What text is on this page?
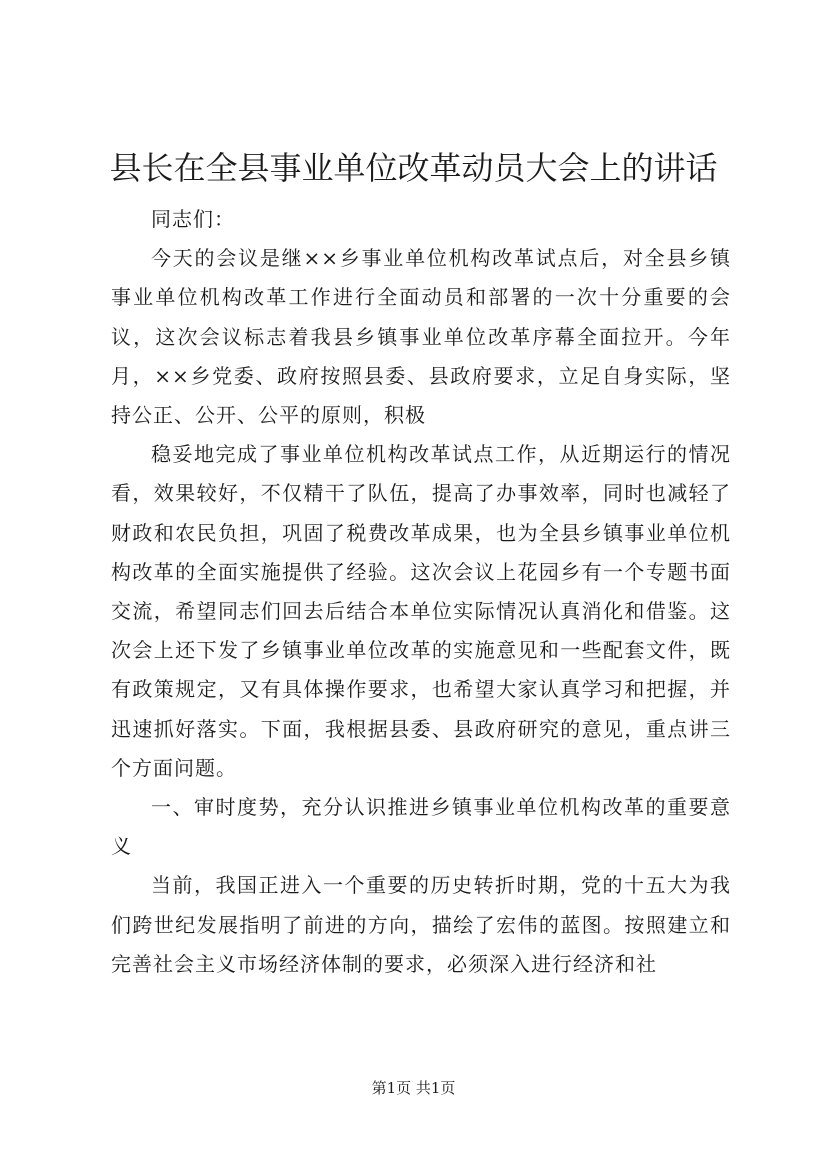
县长在全县事业单位改革动员大会上的讲话

同志们：

今天的会议是继××乡事业单位机构改革试点后，对全县乡镇事业单位机构改革工作进行全面动员和部署的一次十分重要的会议，这次会议标志着我县乡镇事业单位改革序幕全面拉开。今年月，××乡党委、政府按照县委、县政府要求，立足自身实际，坚持公正、公开、公平的原则，积极

稳妥地完成了事业单位机构改革试点工作，从近期运行的情况看，效果较好，不仅精干了队伍，提高了办事效率，同时也减轻了财政和农民负担，巩固了税费改革成果，也为全县乡镇事业单位机构改革的全面实施提供了经验。这次会议上花园乡有一个专题书面交流，希望同志们回去后结合本单位实际情况认真消化和借鉴。这次会上还下发了乡镇事业单位改革的实施意见和一些配套文件，既有政策规定，又有具体操作要求，也希望大家认真学习和把握，并迅速抓好落实。下面，我根据县委、县政府研究的意见，重点讲三个方面问题。

一、审时度势，充分认识推进乡镇事业单位机构改革的重要意义

当前，我国正进入一个重要的历史转折时期，党的十五大为我们跨世纪发展指明了前进的方向，描绘了宏伟的蓝图。按照建立和完善社会主义市场经济体制的要求，必须深入进行经济和社

第1页 共1页
